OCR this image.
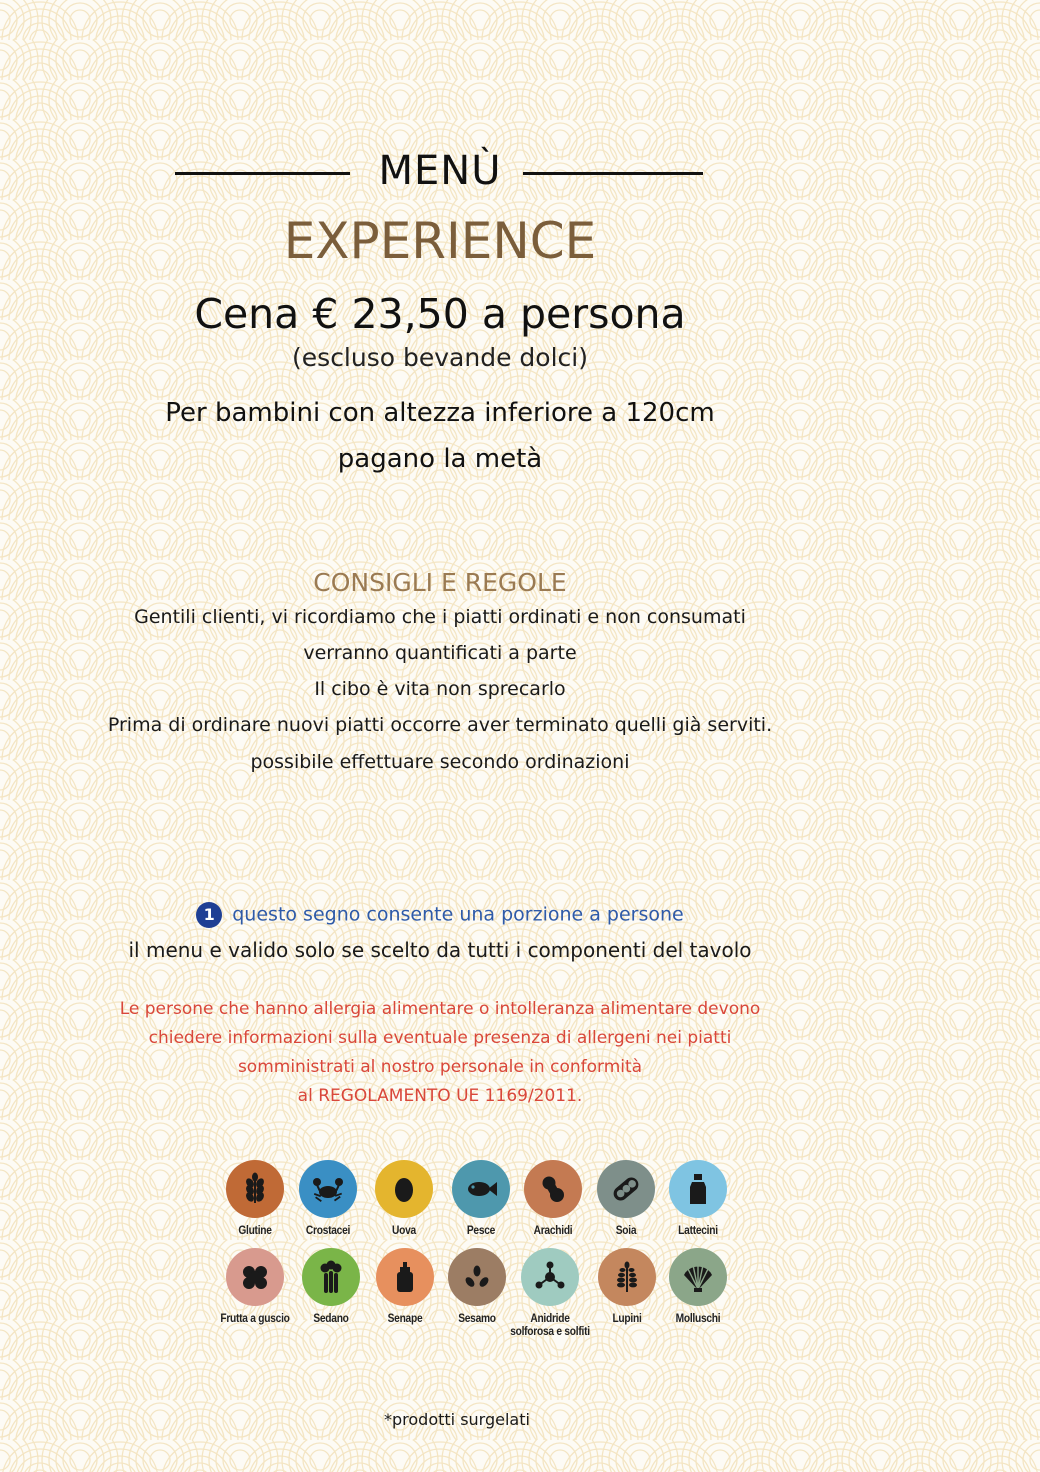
MENÙ
EXPERIENCE
Cena € 23,50 a persona
(escluso bevande dolci)
Per bambini con altezza inferiore a 120cm
pagano la metà
CONSIGLI E REGOLE
Gentili clienti, vi ricordiamo che i piatti ordinati e non consumati
verranno quantificati a parte
Il cibo è vita non sprecarlo
Prima di ordinare nuovi piatti occorre aver terminato quelli già serviti.
possibile effettuare secondo ordinazioni
1 questo segno consente una porzione a persone
il menu e valido solo se scelto da tutti i componenti del tavolo
Le persone che hanno allergia alimentare o intolleranza alimentare devono
chiedere informazioni sulla eventuale presenza di allergeni nei piatti
somministrati al nostro personale in conformità
al REGOLAMENTO UE 1169/2011.
Glutine	Crostacei	Uova	Pesce	Arachidi	Soia	Lattecini
Frutta a guscio	Sedano	Senape	Sesamo	Anidride solforosa e solfiti
Lupini	Molluschi
*prodotti surgelati
